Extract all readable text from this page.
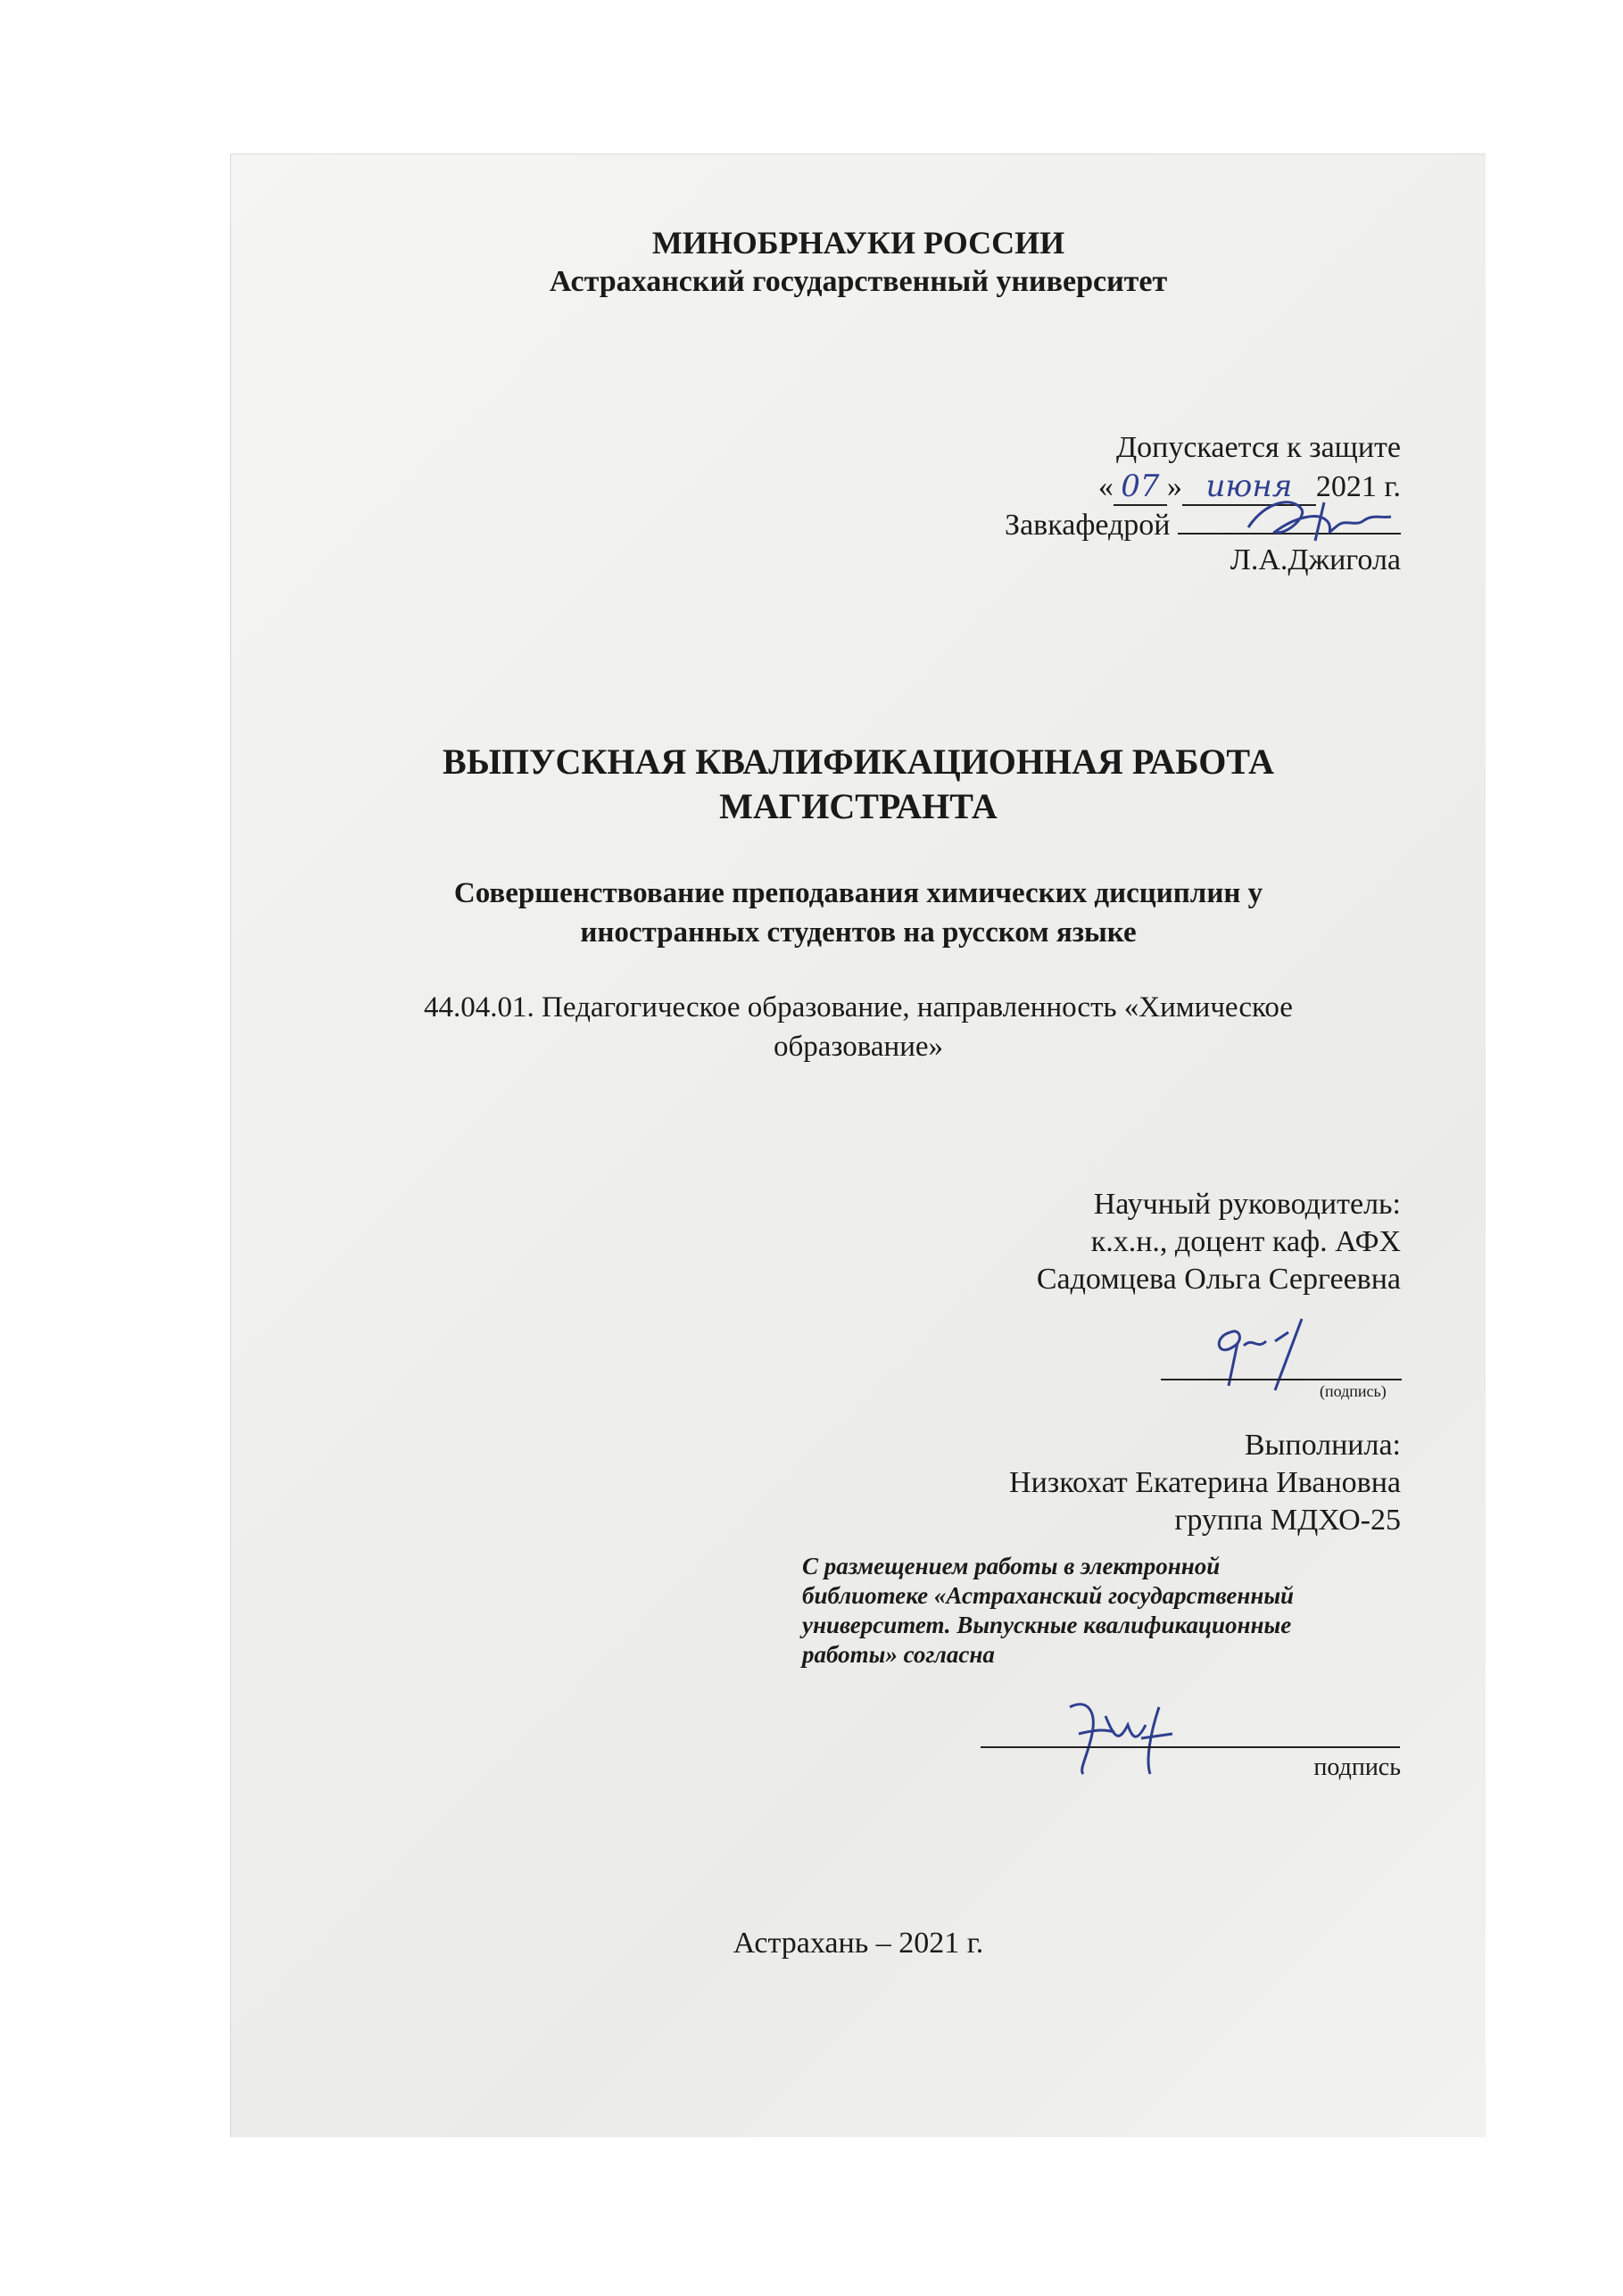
МИНОБРНАУКИ РОССИИ
Астраханский государственный университет
Допускается к защите
« 07 » июня 2021 г.
Завкафедрой
Л.А.Джигола
ВЫПУСКНАЯ КВАЛИФИКАЦИОННАЯ РАБОТА
МАГИСТРАНТА
Совершенствование преподавания химических дисциплин у
иностранных студентов на русском языке
44.04.01. Педагогическое образование, направленность «Химическое
образование»
Научный руководитель:
к.х.н., доцент каф. АФХ
Садомцева Ольга Сергеевна
(подпись)
Выполнила:
Низкохат Екатерина Ивановна
группа МДХО-25
С размещением работы в электронной
библиотеке «Астраханский государственный
университет. Выпускные квалификационные
работы» согласна
подпись
Астрахань – 2021 г.
